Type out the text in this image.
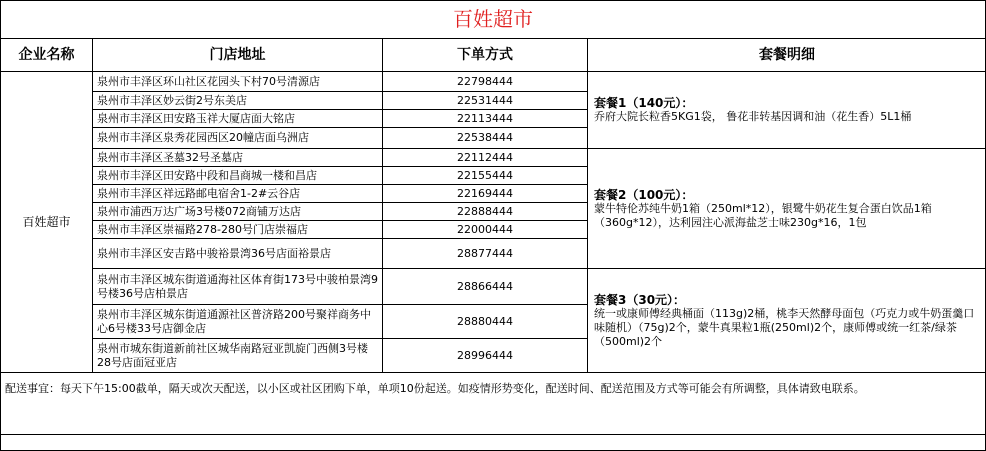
百姓超市
企业名称	门店地址	下单方式	套餐明细
百姓超市	泉州市丰泽区环山社区花园头下村70号清源店	22798444	套餐1（140元）：
乔府大院长粒香5KG1袋， 鲁花非转基因调和油（花生香）5L1桶

	泉州市丰泽区妙云街2号东美店	22531444	
	泉州市丰泽区田安路玉祥大厦店面大铭店	22113444	
	泉州市丰泽区泉秀花园西区20幢店面乌洲店	22538444	
	泉州市丰泽区圣墓32号圣墓店	22112444	套餐2（100元）：
蒙牛特伦苏纯牛奶1箱（250ml*12），银鹭牛奶花生复合蛋白饮品1箱（360g*12），达利园注心派海盐芝士味230g*16，1包

	泉州市丰泽区田安路中段和昌商城一楼和昌店	22155444	
	泉州市丰泽区祥远路邮电宿舍1-2#云谷店	22169444	
	泉州市浦西万达广场3号楼072商铺万达店	22888444	
	泉州市丰泽区崇福路278-280号门店崇福店	22000444	
	泉州市丰泽区安吉路中骏裕景湾36号店面裕景店	28877444	
	泉州市丰泽区城东街道通海社区体育街173号中骏柏景湾9号楼36号店柏景店	28866444	套餐3（30元）：
统一或康师傅经典桶面（113g)2桶，桃李天然酵母面包（巧克力或牛奶蛋羹口味随机）（75g)2个，蒙牛真果粒1瓶(250ml)2个，康师傅或统一红茶/绿茶（500ml)2个

	泉州市丰泽区城东街道通源社区普济路200号聚祥商务中心6号楼33号店御金店	28880444	
	泉州市城东街道新前社区城华南路冠亚凯旋门西侧3号楼28号店面冠亚店	28996444	
配送事宜：每天下午15:00截单，隔天或次天配送，以小区或社区团购下单，单项10份起送。如疫情形势变化，配送时间、配送范围及方式等可能会有所调整，具体请致电联系。			
